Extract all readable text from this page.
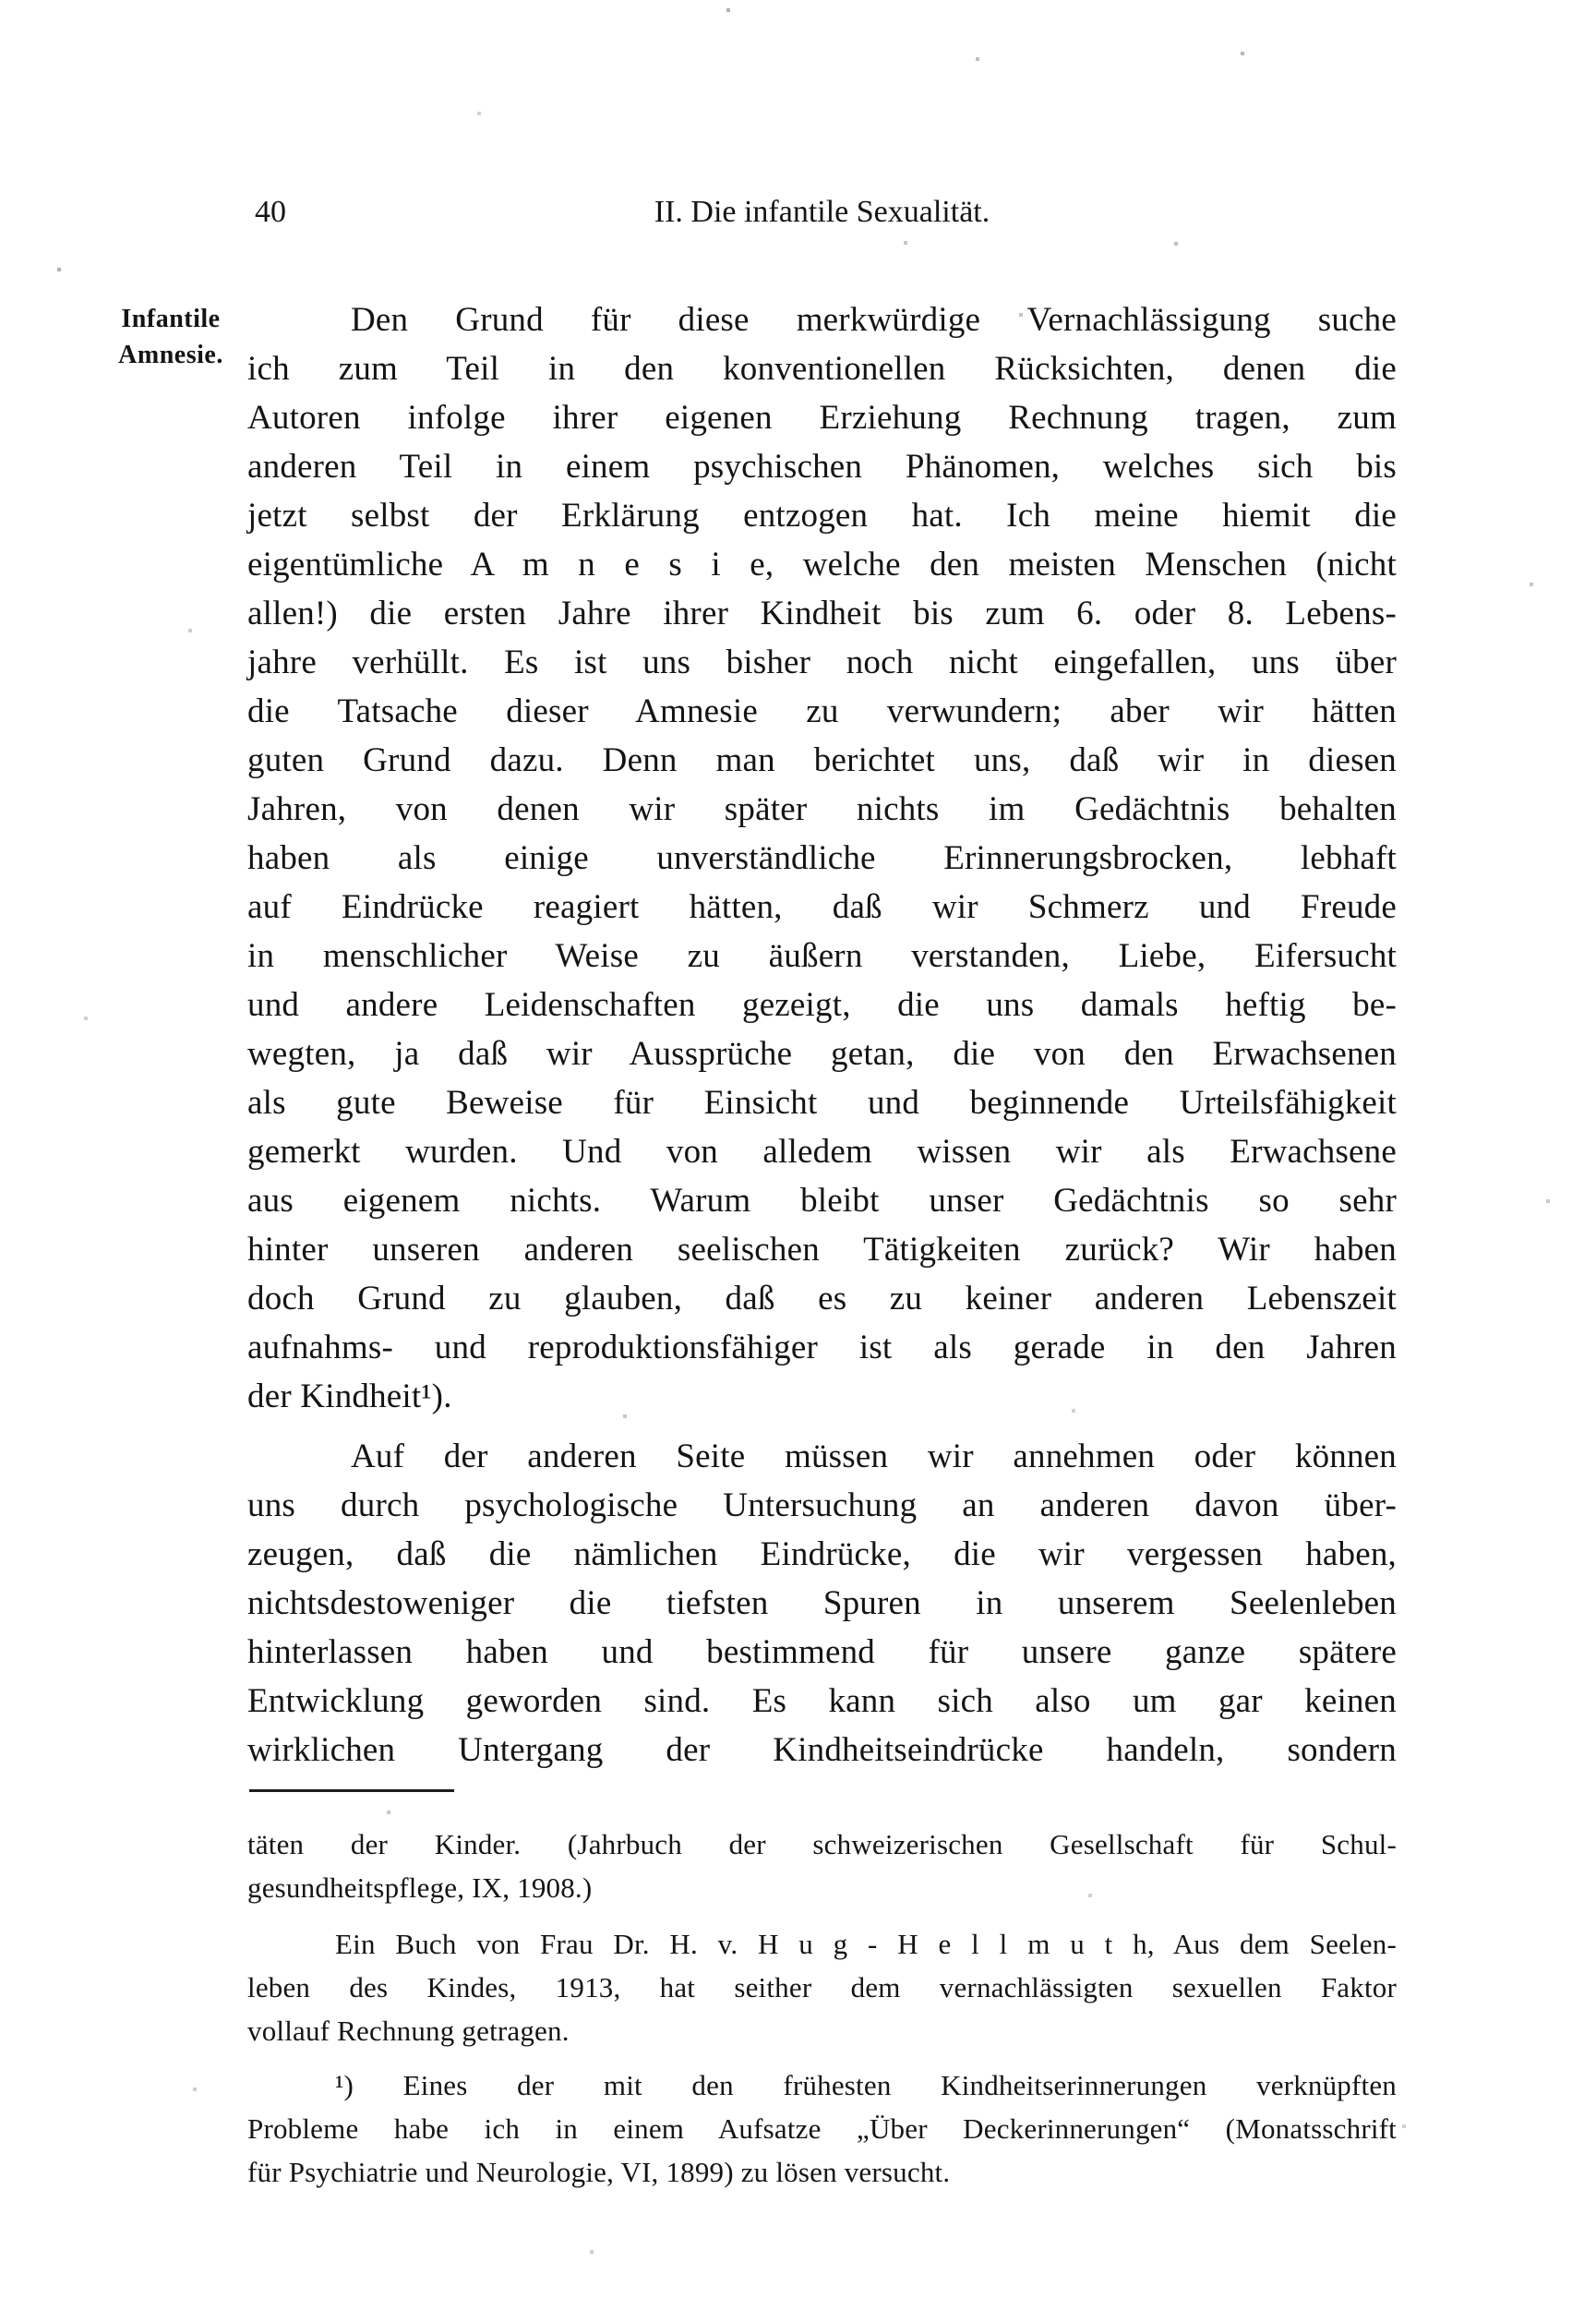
40	II. Die infantile Sexualität.
Infantile
Amnesie.
Den Grund für diese merkwürdige Vernachlässigung suche
ich zum Teil in den konventionellen Rücksichten, denen die
Autoren infolge ihrer eigenen Erziehung Rechnung tragen, zum
anderen Teil in einem psychischen Phänomen, welches sich bis
jetzt selbst der Erklärung entzogen hat. Ich meine hiemit die
eigentümliche A m n e s i e, welche den meisten Menschen (nicht
allen!) die ersten Jahre ihrer Kindheit bis zum 6. oder 8. Lebens-
jahre verhüllt. Es ist uns bisher noch nicht eingefallen, uns über
die Tatsache dieser Amnesie zu verwundern; aber wir hätten
guten Grund dazu. Denn man berichtet uns, daß wir in diesen
Jahren, von denen wir später nichts im Gedächtnis behalten
haben als einige unverständliche Erinnerungsbrocken, lebhaft
auf Eindrücke reagiert hätten, daß wir Schmerz und Freude
in menschlicher Weise zu äußern verstanden, Liebe, Eifersucht
und andere Leidenschaften gezeigt, die uns damals heftig be-
wegten, ja daß wir Aussprüche getan, die von den Erwachsenen
als gute Beweise für Einsicht und beginnende Urteilsfähigkeit
gemerkt wurden. Und von alledem wissen wir als Erwachsene
aus eigenem nichts. Warum bleibt unser Gedächtnis so sehr
hinter unseren anderen seelischen Tätigkeiten zurück? Wir haben
doch Grund zu glauben, daß es zu keiner anderen Lebenszeit
aufnahms- und reproduktionsfähiger ist als gerade in den Jahren
der Kindheit¹).
Auf der anderen Seite müssen wir annehmen oder können
uns durch psychologische Untersuchung an anderen davon über-
zeugen, daß die nämlichen Eindrücke, die wir vergessen haben,
nichtsdestoweniger die tiefsten Spuren in unserem Seelenleben
hinterlassen haben und bestimmend für unsere ganze spätere
Entwicklung geworden sind. Es kann sich also um gar keinen
wirklichen Untergang der Kindheitseindrücke handeln, sondern
täten der Kinder. (Jahrbuch der schweizerischen Gesellschaft für Schul-
gesundheitspflege, IX, 1908.)
Ein Buch von Frau Dr. H. v. H u g - H e l l m u t h, Aus dem Seelen-
leben des Kindes, 1913, hat seither dem vernachlässigten sexuellen Faktor
vollauf Rechnung getragen.
¹) Eines der mit den frühesten Kindheitserinnerungen verknüpften
Probleme habe ich in einem Aufsatze „Über Deckerinnerungen“ (Monatsschrift
für Psychiatrie und Neurologie, VI, 1899) zu lösen versucht.
